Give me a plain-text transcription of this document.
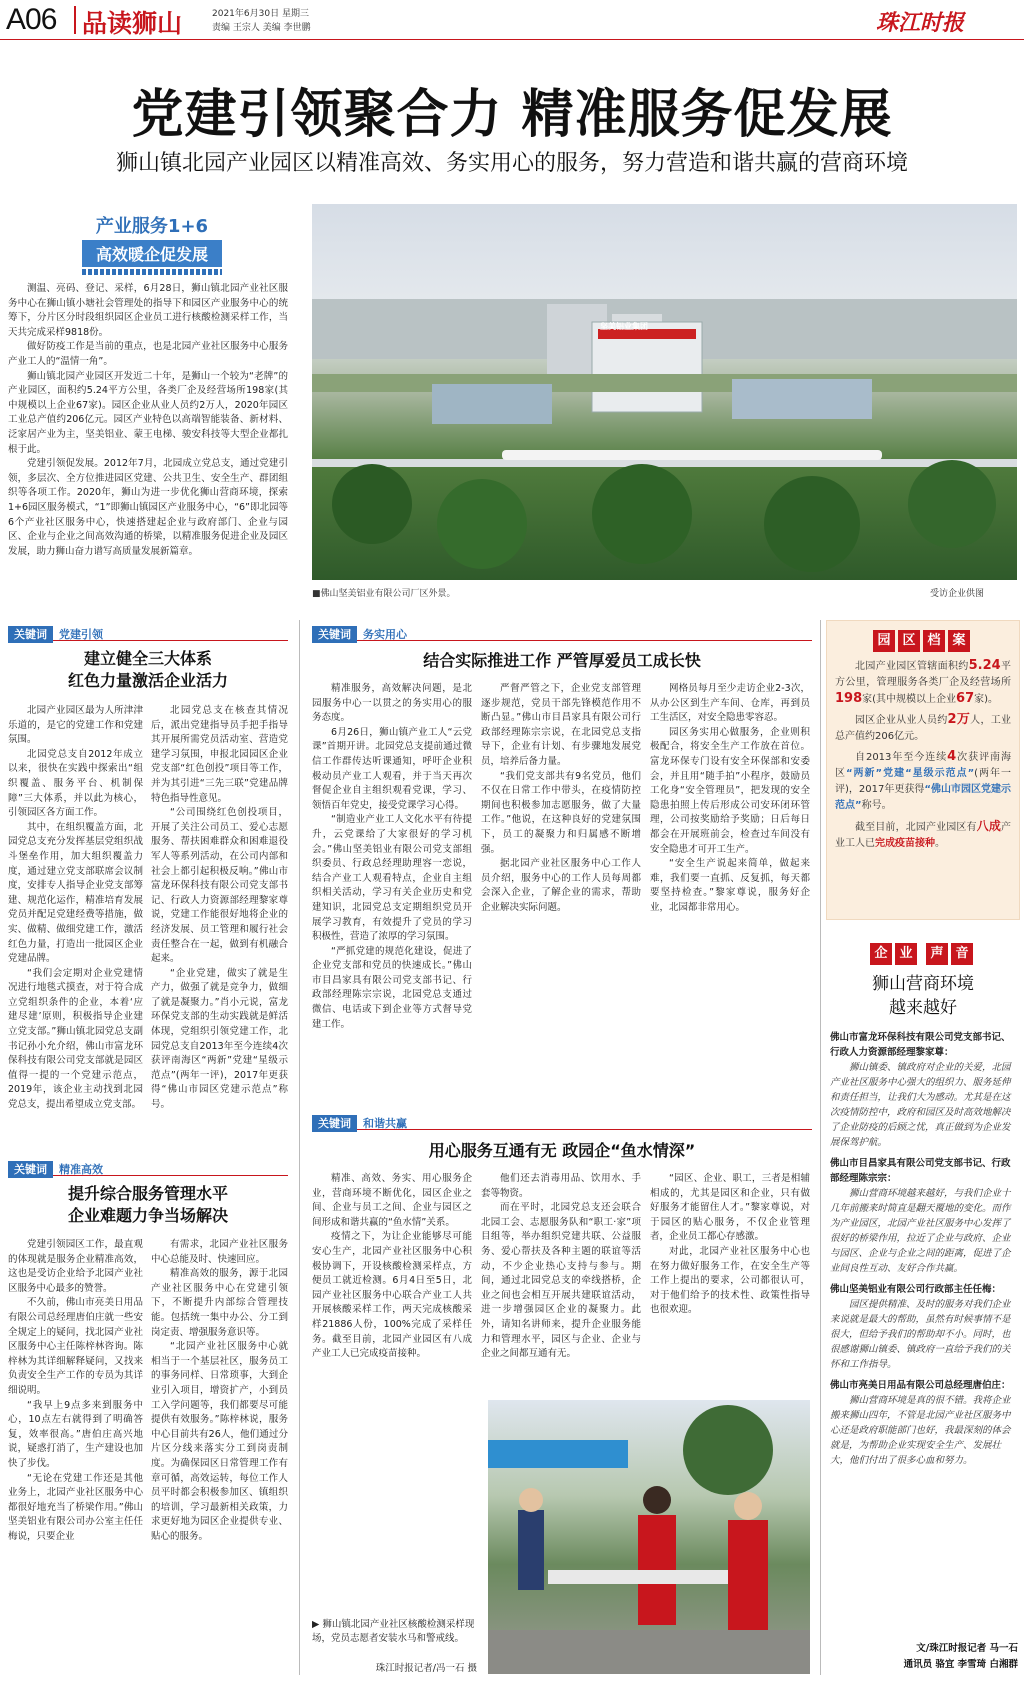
A06 品读狮山	2021年6月30日 星期三
责编 王宗人 美编 李世鹏	珠江时报
党建引领聚合力 精准服务促发展
狮山镇北园产业园区以精准高效、务实用心的服务，努力营造和谐共赢的营商环境
产业服务1+6
高效暖企促发展

测温、亮码、登记、采样，6月28日，狮山镇北园产业社区服务中心在狮山镇小塘社会管理处的指导下和园区产业服务中心的统筹下，分片区分时段组织园区企业员工进行核酸检测采样工作，当天共完成采样9818份。

做好防疫工作是当前的重点，也是北园产业社区服务中心服务产业工人的“温情一角”。

狮山镇北园产业园区开发近二十年，是狮山一个较为“老牌”的产业园区，面积约5.24平方公里，各类厂企及经营场所198家(其中规模以上企业67家)。园区企业从业人员约2万人，2020年园区工业总产值约206亿元。园区产业特色以高端智能装备、新材料、泛家居产业为主，坚美铝业、蒙王电梯、骏安科技等大型企业都扎根于此。

党建引领促发展。2012年7月，北园成立党总支，通过党建引领，多层次、全方位推进园区党建、公共卫生、安全生产、群团组织等各项工作。2020年，狮山为进一步优化狮山营商环境，探索1+6园区服务模式，“1”即狮山镇园区产业服务中心，“6”即北园等6个产业社区服务中心，快速搭建起企业与政府部门、企业与园区、企业与企业之间高效沟通的桥梁，以精准服务促进企业及园区发展，助力狮山奋力谱写高质量发展新篇章。

坚美铝业集团
■佛山坚美铝业有限公司厂区外景。	受访企业供图
关键词 党建引领
建立健全三大体系
红色力量激活企业活力

北园产业园区最为人所津津乐道的，是它的党建工作和党建氛围。

北园党总支自2012年成立以来，很快在实践中探索出“组织覆盖、服务平台、机制保障”三大体系，并以此为核心，引领园区各方面工作。

其中，在组织覆盖方面，北园党总支充分发挥基层党组织战斗堡垒作用，加大组织覆盖力度，通过建立党支部联席会议制度，安排专人指导企业党支部筹建、规范化运作，精准培育发展党员并配足党建经费等措施，做实、做精、做细党建工作，激活红色力量，打造出一批园区企业党建品牌。

“我们会定期对企业党建情况进行地毯式摸查，对于符合成立党组织条件的企业，本着‘应建尽建’原则，积极指导企业建立党支部。”狮山镇北园党总支副书记孙小允介绍，佛山市富龙环保科技有限公司党支部就是园区值得一提的一个党建示范点，2019年，该企业主动找到北园党总支，提出希望成立党支部。

北园党总支在核查其情况后，派出党建指导员手把手指导其开展所需党员活动室、营造党建学习氛围，申报北园园区企业党支部“红色创投”项目等工作，并为其引进“三先三联”党建品牌特色指导性意见。

“公司围绕红色创投项目，开展了关注公司员工、爱心志愿服务、帮扶困难群众和困难退役军人等系列活动，在公司内部和社会上都引起积极反响。”佛山市富龙环保科技有限公司党支部书记、行政人力资源部经理黎家尊说，党建工作能很好地将企业的经济发展、员工管理和履行社会责任整合在一起，做到有机融合起来。

“企业党建，做实了就是生产力，做强了就是竞争力，做细了就是凝聚力。”肖小元说，富龙环保党支部的生动实践就是鲜活体现，党组织引领党建工作，北园党总支自2013年至今连续4次获评南海区“两新”党建“星级示范点”(两年一评)，2017年更获得“佛山市园区党建示范点”称号。

关键词 精准高效
提升综合服务管理水平
企业难题力争当场解决

党建引领园区工作，最直观的体现就是服务企业精准高效，这也是受访企业给予北园产业社区服务中心最多的赞誉。

不久前，佛山市亮美日用品有限公司总经理唐伯庄就一些安全规定上的疑问，找北园产业社区服务中心主任陈梓林咨询。陈梓林为其详细解释疑问，又找来负责安全生产工作的专员为其详细说明。

“我早上9点多来到服务中心，10点左右就得到了明确答复，效率很高。”唐伯庄高兴地说，疑惑打消了，生产建设也加快了步伐。

“无论在党建工作还是其他业务上，北园产业社区服务中心都很好地充当了桥梁作用。”佛山坚美铝业有限公司办公室主任任梅说，只要企业

有需求，北园产业社区服务中心总能及时、快速回应。

精准高效的服务，源于北园产业社区服务中心在党建引领下，不断提升内部综合管理技能。包括统一集中办公、分工到岗定责、增强服务意识等。

“北园产业社区服务中心就相当于一个基层社区，服务员工的事务同样、日常琐事，大到企业引入项目，增资扩产，小到员工入学问题等，我们都要尽可能提供有效服务。”陈梓林说，服务中心目前共有26人，他们通过分片区分线来落实分工到岗责制度。为确保园区日常管理工作有章可循，高效运转，每位工作人员平时都会积极参加区、镇组织的培训，学习最新相关政策，力求更好地为园区企业提供专业、贴心的服务。

关键词 务实用心
结合实际推进工作 严管厚爱员工成长快

精准服务，高效解决问题，是北园服务中心一以贯之的务实用心的服务态度。

6月26日，狮山镇产业工人“云党课”首期开讲。北园党总支提前通过微信工作群传达听课通知，呼吁企业积极动员产业工人观看，并于当天再次督促企业自主组织观看党课，学习、领悟百年党史，接受党课学习心得。

“制造业产业工人文化水平有待提升，云党课给了大家很好的学习机会。”佛山坚美铝业有限公司党支部组织委员、行政总经理助理容一恋说，结合产业工人观看特点，企业自主组织相关活动，学习有关企业历史和党建知识，北园党总支定期组织党员开展学习教育，有效提升了党员的学习积极性，营造了浓厚的学习氛围。

“严抓党建的规范化建设，促进了企业党支部和党员的快速成长。”佛山市目昌家具有限公司党支部书记、行政部经理陈宗宗说，北园党总支通过微信、电话或下到企业等方式督导党建工作。

严督严管之下，企业党支部管理逐步规范，党员干部先锋模范作用不断凸显。”佛山市目昌家具有限公司行政部经理陈宗宗说，在北园党总支指导下，企业有计划、有步骤地发展党员，培养后备力量。

“我们党支部共有9名党员，他们不仅在日常工作中带头，在疫情防控期间也积极参加志愿服务，做了大量工作。”他说，在这种良好的党建氛围下，员工的凝聚力和归属感不断增强。

据北园产业社区服务中心工作人员介绍，服务中心的工作人员每周都会深入企业，了解企业的需求，帮助企业解决实际问题。

网格员每月至少走访企业2-3次，从办公区到生产车间、仓库，再到员工生活区，对安全隐患零容忍。

园区务实用心做服务，企业则积极配合，将安全生产工作放在首位。富龙环保专门设有安全环保部和安委会，并且用“随手拍”小程序，鼓励员工化身“安全管理员”，把发现的安全隐患拍照上传后形成公司安环闭环管理，公司按奖励给予奖励；日后每日都会在开展班前会，检查过车间没有安全隐患才可开工生产。

“安全生产说起来简单，做起来难，我们要一直抓、反复抓，每天都要坚持检查。”黎家尊说，服务好企业，北园都非常用心。

关键词 和谐共赢
用心服务互通有无 政园企“鱼水情深”

精准、高效、务实、用心服务企业，营商环境不断优化，园区企业之间、企业与员工之间、企业与园区之间形成和谐共赢的“鱼水情”关系。

疫情之下，为让企业能够尽可能安心生产，北园产业社区服务中心积极协调下，开设核酸检测采样点，方便员工就近检测。6月4日至5日，北园产业社区服务中心联合产业工人共开展核酸采样工作，两天完成核酸采样21886人份，100%完成了采样任务。截至目前，北园产业园区有八成产业工人已完成疫苗接种。

他们还去消毒用品、饮用水、手套等物资。

而在平时，北园党总支还会联合北园工会、志愿服务队和“职工·家”项目组等，举办组织党建共联、公益服务、爱心帮扶及各种主题的联谊等活动，不少企业热心支持与参与。期间，通过北园党总支的牵线搭桥，企业之间也会相互开展共建联谊活动，进一步增强园区企业的凝聚力。此外，请知名讲师来，提升企业服务能力和管理水平，园区与企业、企业与企业之间都互通有无。

“园区、企业、职工，三者是相辅相成的，尤其是园区和企业，只有做好服务才能留住人才。”黎家尊说，对于园区的贴心服务，不仅企业管理者，企业员工都心存感激。

对此，北园产业社区服务中心也在努力做好服务工作，在安全生产等工作上提出的要求，公司都很认可，对于他们给予的技术性、政策性指导也很欢迎。

▶ 狮山镇北园产业社区核酸检测采样现场，党员志愿者安装水马和警戒线。
珠江时报记者/冯一石 摄
园 区 档 案

北园产业园区管辖面积约5.24平方公里，管理服务各类厂企及经营场所198家(其中规模以上企业67家)。

园区企业从业人员约2万人，工业总产值约206亿元。

自2013年至今连续4次获评南海区“两新”党建“星级示范点”(两年一评)，2017年更获得“佛山市园区党建示范点”称号。

截至目前，北园产业园区有八成产业工人已完成疫苗接种。

企 业 声 音
狮山营商环境
越来越好
佛山市富龙环保科技有限公司党支部书记、行政人力资源部经理黎家尊：

狮山镇委、镇政府对企业的关爱，北园产业社区服务中心强大的组织力、服务延伸和责任担当，让我们大为感动。尤其是在这次疫情防控中，政府和园区及时高效地解决了企业防疫的后顾之忧，真正做到为企业发展保驾护航。

佛山市目昌家具有限公司党支部书记、行政部经理陈宗宗：

狮山营商环境越来越好，与我们企业十几年前搬来时简直是翻天覆地的变化。而作为产业园区，北园产业社区服务中心发挥了很好的桥梁作用，拉近了企业与政府、企业与园区、企业与企业之间的距离，促进了企业间良性互动、友好合作共赢。

佛山坚美铝业有限公司行政部主任任梅：

园区提供精准、及时的服务对我们企业来说就是最大的帮助，虽然有时候事情不是很大，但给予我们的帮助却不小。同时，也很感谢狮山镇委、镇政府一直给予我们的关怀和工作指导。

佛山市亮美日用品有限公司总经理唐伯庄：

狮山营商环境是真的很不错。我将企业搬来狮山四年，不管是北园产业社区服务中心还是政府职能部门也好，我最深刻的体会就是，为帮助企业实现安全生产、发展壮大，他们付出了很多心血和努力。

文/珠江时报记者 马一石
通讯员 骆宜 李雪琦 白湘群
